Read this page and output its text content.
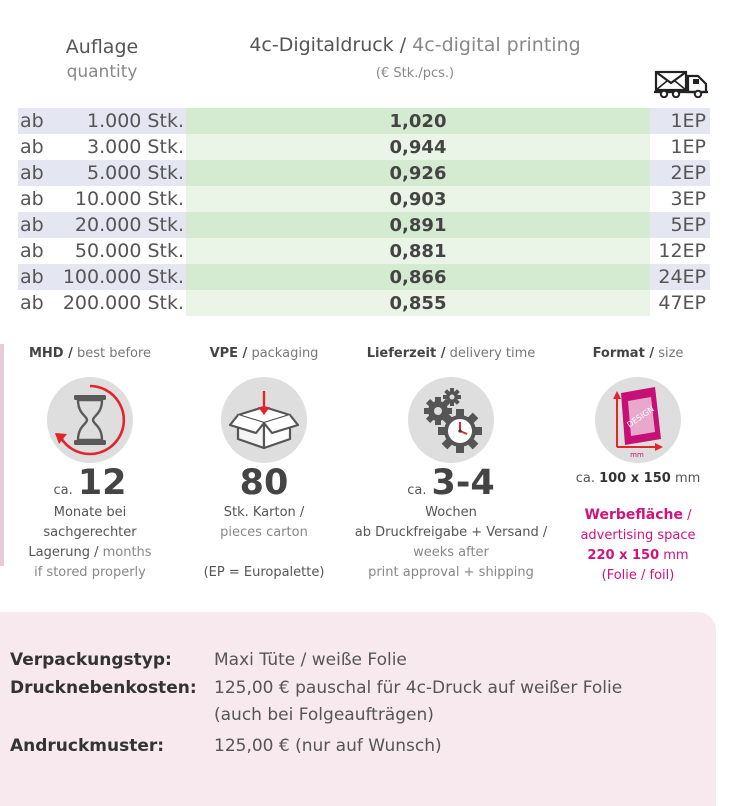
Auflage
quantity
4c-Digitaldruck / 4c-digital printing
(€ Stk./pcs.)
ab	1.000 Stk.	1,020	1EP
ab	3.000 Stk.	0,944	1EP
ab	5.000 Stk.	0,926	2EP
ab	10.000 Stk.	0,903	3EP
ab	20.000 Stk.	0,891	5EP
ab	50.000 Stk.	0,881	12EP
ab	100.000 Stk.	0,866	24EP
ab	200.000 Stk.	0,855	47EP
MHD / best before
ca. 12
Monate bei
sachgerechter
Lagerung / months
if stored properly
VPE / packaging
80
Stk. Karton /
pieces carton
(EP = Europalette)
Lieferzeit / delivery time
ca. 3-4
Wochen
ab Druckfreigabe + Versand /
weeks after
print approval + shipping
Format / size
DESIGN
mm
ca. 100 x 150 mm
Werbefläche /
advertising space
220 x 150 mm
(Folie / foil)
Verpackungstyp: Maxi Tüte / weiße Folie
Drucknebenkosten: 125,00 € pauschal für 4c-Druck auf weißer Folie
(auch bei Folgeaufträgen)
Andruckmuster:	125,00 € (nur auf Wunsch)
